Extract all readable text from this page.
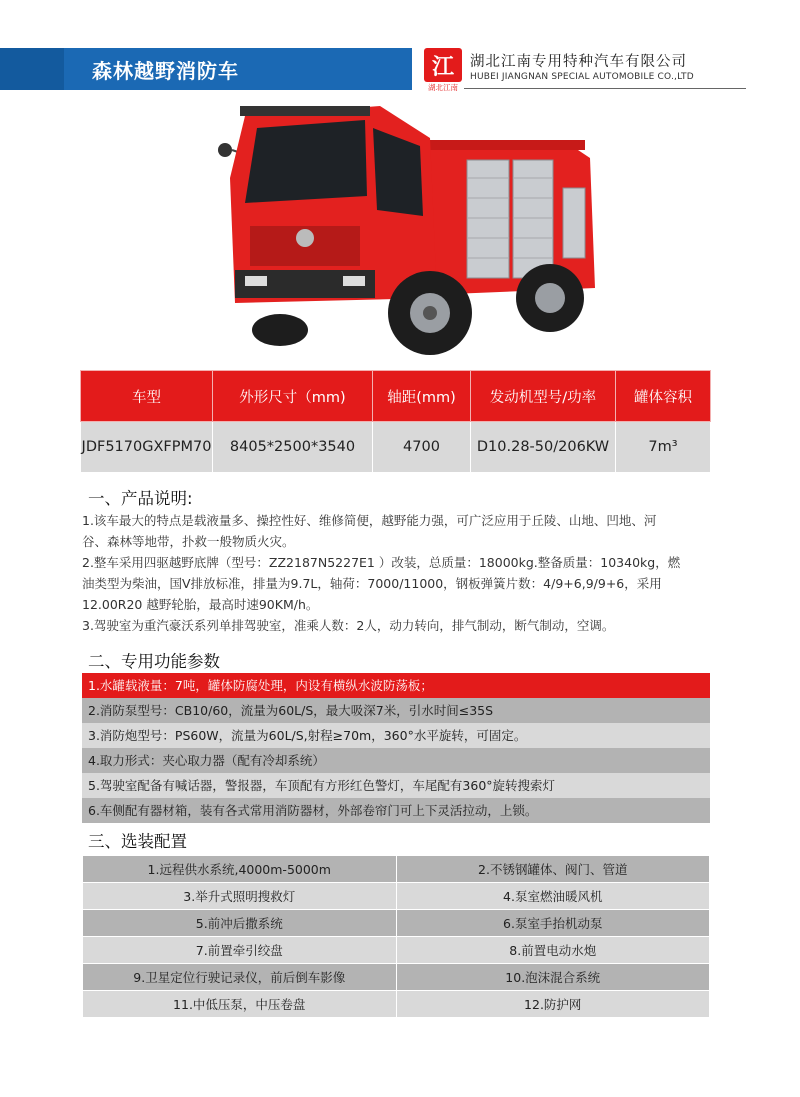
森林越野消防车	江
湖北江南
湖北江南专用特种汽车有限公司
HUBEI JIANGNAN SPECIAL AUTOMOBILE CO.,LTD
车型	外形尺寸（mm)	轴距(mm)	发动机型号/功率	罐体容积
JDF5170GXFPM70	8405*2500*3540	4700	D10.28-50/206KW	7m³
一、产品说明:
1.该车最大的特点是载液量多、操控性好、维修简便，越野能力强，可广泛应用于丘陵、山地、凹地、河
谷、森林等地带，扑救一般物质火灾。
2.整车采用四驱越野底牌（型号：ZZ2187N5227E1 ）改装，总质量：18000kg.整备质量：10340kg，燃
油类型为柴油，国V排放标准，排量为9.7L，轴荷：7000/11000，钢板弹簧片数：4/9+6,9/9+6，采用
12.00R20 越野轮胎，最高时速90KM/h。
3.驾驶室为重汽豪沃系列单排驾驶室，准乘人数：2人，动力转向，排气制动，断气制动，空调。
二、专用功能参数
1.水罐载液量：7吨，罐体防腐处理，内设有横纵水波防荡板；
2.消防泵型号：CB10/60，流量为60L/S，最大吸深7米，引水时间≤35S
3.消防炮型号：PS60W，流量为60L/S,射程≥70m，360°水平旋转，可固定。
4.取力形式：夹心取力器（配有冷却系统）
5.驾驶室配备有喊话器，警报器，车顶配有方形红色警灯，车尾配有360°旋转搜索灯
6.车侧配有器材箱，装有各式常用消防器材，外部卷帘门可上下灵活拉动，上锁。
三、选装配置
1.远程供水系统,4000m-5000m	2.不锈钢罐体、阀门、管道
3.举升式照明搜救灯	4.泵室燃油暖风机
5.前冲后撒系统	6.泵室手抬机动泵
7.前置牵引绞盘	8.前置电动水炮
9.卫星定位行驶记录仪，前后倒车影像	10.泡沫混合系统
11.中低压泵，中压卷盘	12.防护网
